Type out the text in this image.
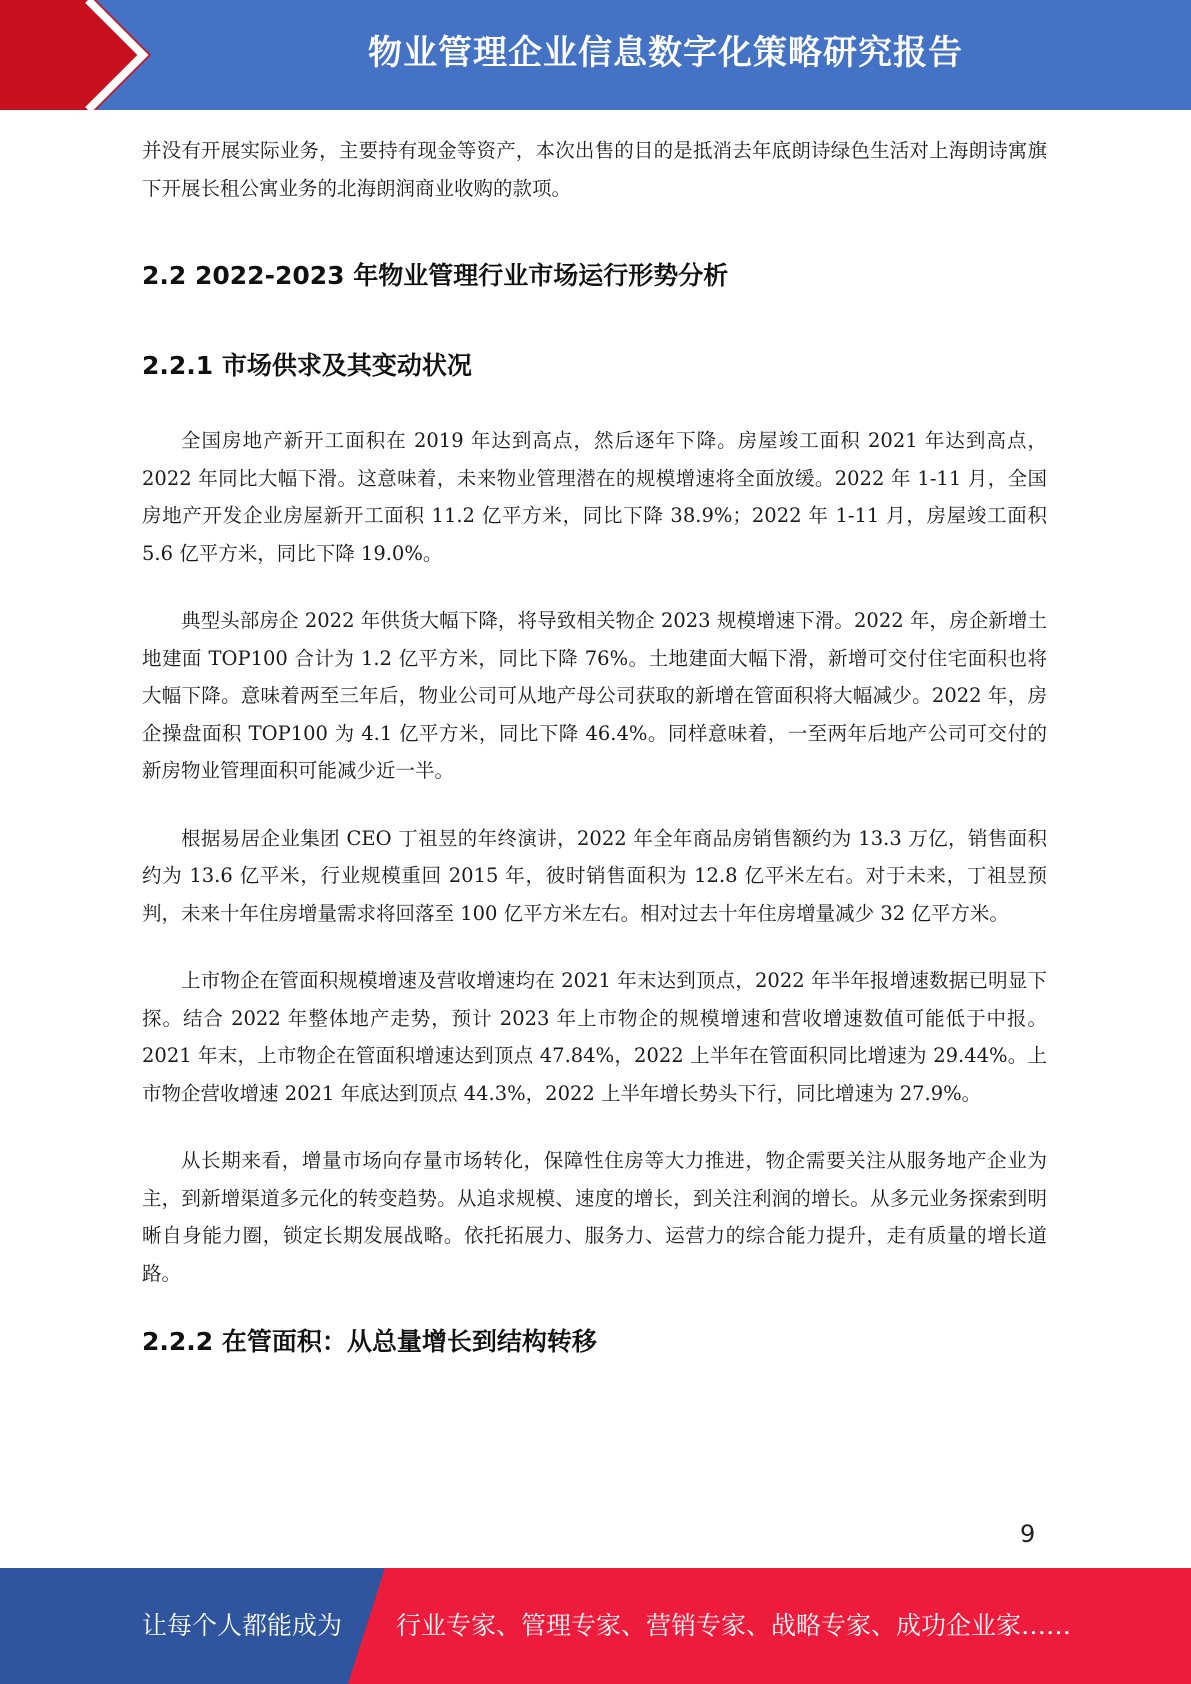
物业管理企业信息数字化策略研究报告

并没有开展实际业务，主要持有现金等资产，本次出售的目的是抵消去年底朗诗绿色生活对上海朗诗寓旗下开展长租公寓业务的北海朗润商业收购的款项。

2.2 2022-2023 年物业管理行业市场运行形势分析
2.2.1 市场供求及其变动状况

全国房地产新开工面积在 2019 年达到高点，然后逐年下降。房屋竣工面积 2021 年达到高点，2022 年同比大幅下滑。这意味着，未来物业管理潜在的规模增速将全面放缓。2022 年 1-11 月，全国房地产开发企业房屋新开工面积 11.2 亿平方米，同比下降 38.9%；2022 年 1-11 月，房屋竣工面积 5.6 亿平方米，同比下降 19.0%。

典型头部房企 2022 年供货大幅下降，将导致相关物企 2023 规模增速下滑。2022 年，房企新增土地建面 TOP100 合计为 1.2 亿平方米，同比下降 76%。土地建面大幅下滑，新增可交付住宅面积也将大幅下降。意味着两至三年后，物业公司可从地产母公司获取的新增在管面积将大幅减少。2022 年，房企操盘面积 TOP100 为 4.1 亿平方米，同比下降 46.4%。同样意味着，一至两年后地产公司可交付的新房物业管理面积可能减少近一半。

根据易居企业集团 CEO 丁祖昱的年终演讲，2022 年全年商品房销售额约为 13.3 万亿，销售面积约为 13.6 亿平米，行业规模重回 2015 年，彼时销售面积为 12.8 亿平米左右。对于未来，丁祖昱预判，未来十年住房增量需求将回落至 100 亿平方米左右。相对过去十年住房增量减少 32 亿平方米。

上市物企在管面积规模增速及营收增速均在 2021 年末达到顶点，2022 年半年报增速数据已明显下探。结合 2022 年整体地产走势，预计 2023 年上市物企的规模增速和营收增速数值可能低于中报。2021 年末，上市物企在管面积增速达到顶点 47.84%，2022 上半年在管面积同比增速为 29.44%。上市物企营收增速 2021 年底达到顶点 44.3%，2022 上半年增长势头下行，同比增速为 27.9%。

从长期来看，增量市场向存量市场转化，保障性住房等大力推进，物企需要关注从服务地产企业为主，到新增渠道多元化的转变趋势。从追求规模、速度的增长，到关注利润的增长。从多元业务探索到明晰自身能力圈，锁定长期发展战略。依托拓展力、服务力、运营力的综合能力提升，走有质量的增长道路。

2.2.2 在管面积：从总量增长到结构转移
9
让每个人都能成为 行业专家、管理专家、营销专家、战略专家、成功企业家……
